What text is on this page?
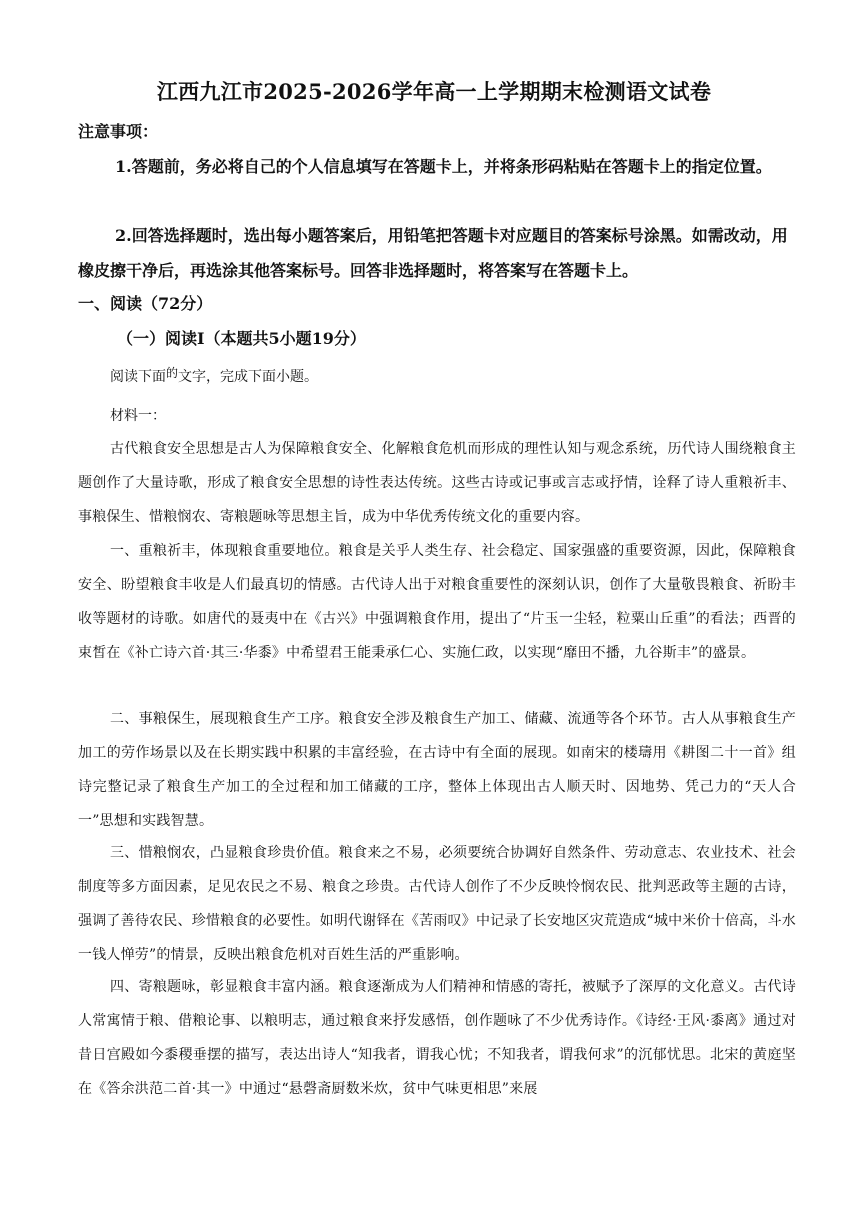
江西九江市2025-2026学年高一上学期期末检测语文试卷
注意事项：
1.答题前，务必将自己的个人信息填写在答题卡上，并将条形码粘贴在答题卡上的指定位置。
2.回答选择题时，选出每小题答案后，用铅笔把答题卡对应题目的答案标号涂黑。如需改动，用橡皮擦干净后，再选涂其他答案标号。回答非选择题时，将答案写在答题卡上。
一、阅读（72分）
（一）阅读Ⅰ（本题共5小题19分）
阅读下面$^的$文字，完成下面小题。
材料一：
古代粮食安全思想是古人为保障粮食安全、化解粮食危机而形成的理性认知与观念系统，历代诗人围绕粮食主题创作了大量诗歌，形成了粮食安全思想的诗性表达传统。这些古诗或记事或言志或抒情，诠释了诗人重粮祈丰、事粮保生、惜粮悯农、寄粮题咏等思想主旨，成为中华优秀传统文化的重要内容。
一、重粮祈丰，体现粮食重要地位。粮食是关乎人类生存、社会稳定、国家强盛的重要资源，因此，保障粮食安全、盼望粮食丰收是人们最真切的情感。古代诗人出于对粮食重要性的深刻认识，创作了大量敬畏粮食、祈盼丰收等题材的诗歌。如唐代的聂夷中在《古兴》中强调粮食作用，提出了“片玉一尘轻，粒粟山丘重”的看法；西晋的束皙在《补亡诗六首·其三·华黍》中希望君王能秉承仁心、实施仁政，以实现“靡田不播，九谷斯丰”的盛景。
二、事粮保生，展现粮食生产工序。粮食安全涉及粮食生产加工、储藏、流通等各个环节。古人从事粮食生产加工的劳作场景以及在长期实践中积累的丰富经验，在古诗中有全面的展现。如南宋的楼璹用《耕图二十一首》组诗完整记录了粮食生产加工的全过程和加工储藏的工序，整体上体现出古人顺天时、因地势、凭己力的“天人合一”思想和实践智慧。
三、惜粮悯农，凸显粮食珍贵价值。粮食来之不易，必须要统合协调好自然条件、劳动意志、农业技术、社会制度等多方面因素，足见农民之不易、粮食之珍贵。古代诗人创作了不少反映怜悯农民、批判恶政等主题的古诗，强调了善待农民、珍惜粮食的必要性。如明代谢铎在《苦雨叹》中记录了长安地区灾荒造成“城中米价十倍高，斗水一钱人惮劳”的情景，反映出粮食危机对百姓生活的严重影响。
四、寄粮题咏，彰显粮食丰富内涵。粮食逐渐成为人们精神和情感的寄托，被赋予了深厚的文化意义。古代诗人常寓情于粮、借粮论事、以粮明志，通过粮食来抒发感悟，创作题咏了不少优秀诗作。《诗经·王风·黍离》通过对昔日宫殿如今黍稷垂摆的描写，表达出诗人“知我者，谓我心忧；不知我者，谓我何求”的沉郁忧思。北宋的黄庭坚在《答余洪范二首·其一》中通过“悬磬斋厨数米炊，贫中气味更相思”来展
